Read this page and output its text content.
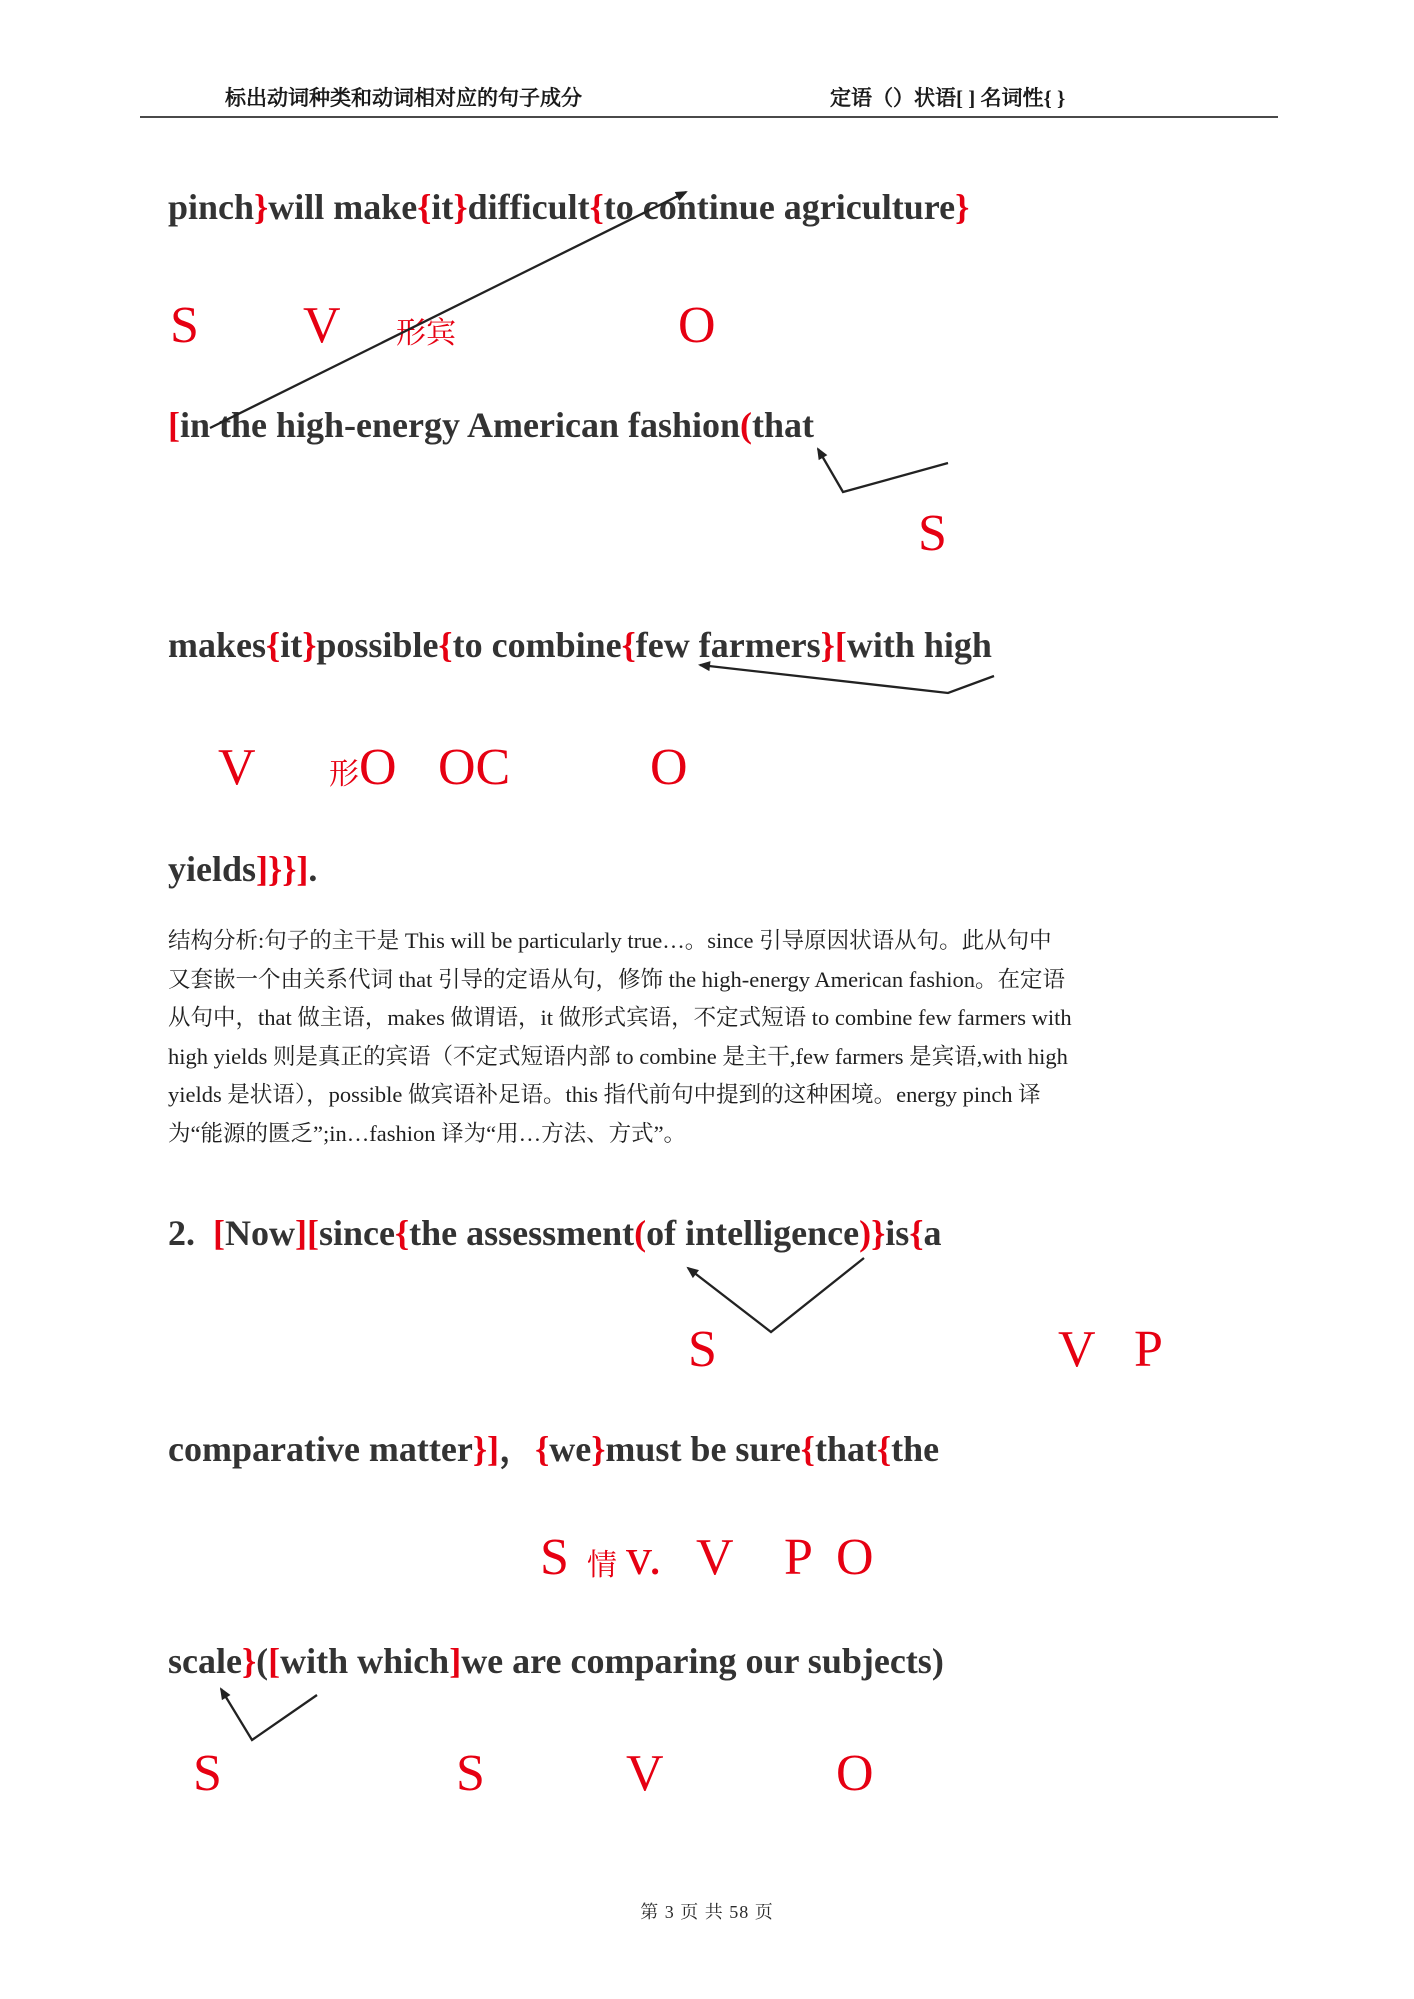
标出动词种类和动词相对应的句子成分	定语（）状语[ ] 名词性{ }
pinch}will make{it}difficult{to continue agriculture}
S V 形宾	O
[in the high-energy American fashion(that
S
makes{it}possible{to combine{few farmers}[with high
V 形O OC	O
yields]}}].
结构分析:句子的主干是 This will be particularly true…。since 引导原因状语从句。此从句中
又套嵌一个由关系代词 that 引导的定语从句，修饰 the high-energy American fashion。在定语
从句中，that 做主语，makes 做谓语，it 做形式宾语，不定式短语 to combine few farmers with
high yields 则是真正的宾语（不定式短语内部 to combine 是主干,few farmers 是宾语,with high
yields 是状语），possible 做宾语补足语。this 指代前句中提到的这种困境。energy pinch 译
为“能源的匮乏”;in…fashion 译为“用…方法、方式”。
2.  [Now][since{the assessment(of intelligence)}is{a
S	V P
comparative matter}]，{we}must be sure{that{the
S 情 v. V P O
scale}([with which]we are comparing our subjects)
S	S	V	O
第 3 页 共 58 页
